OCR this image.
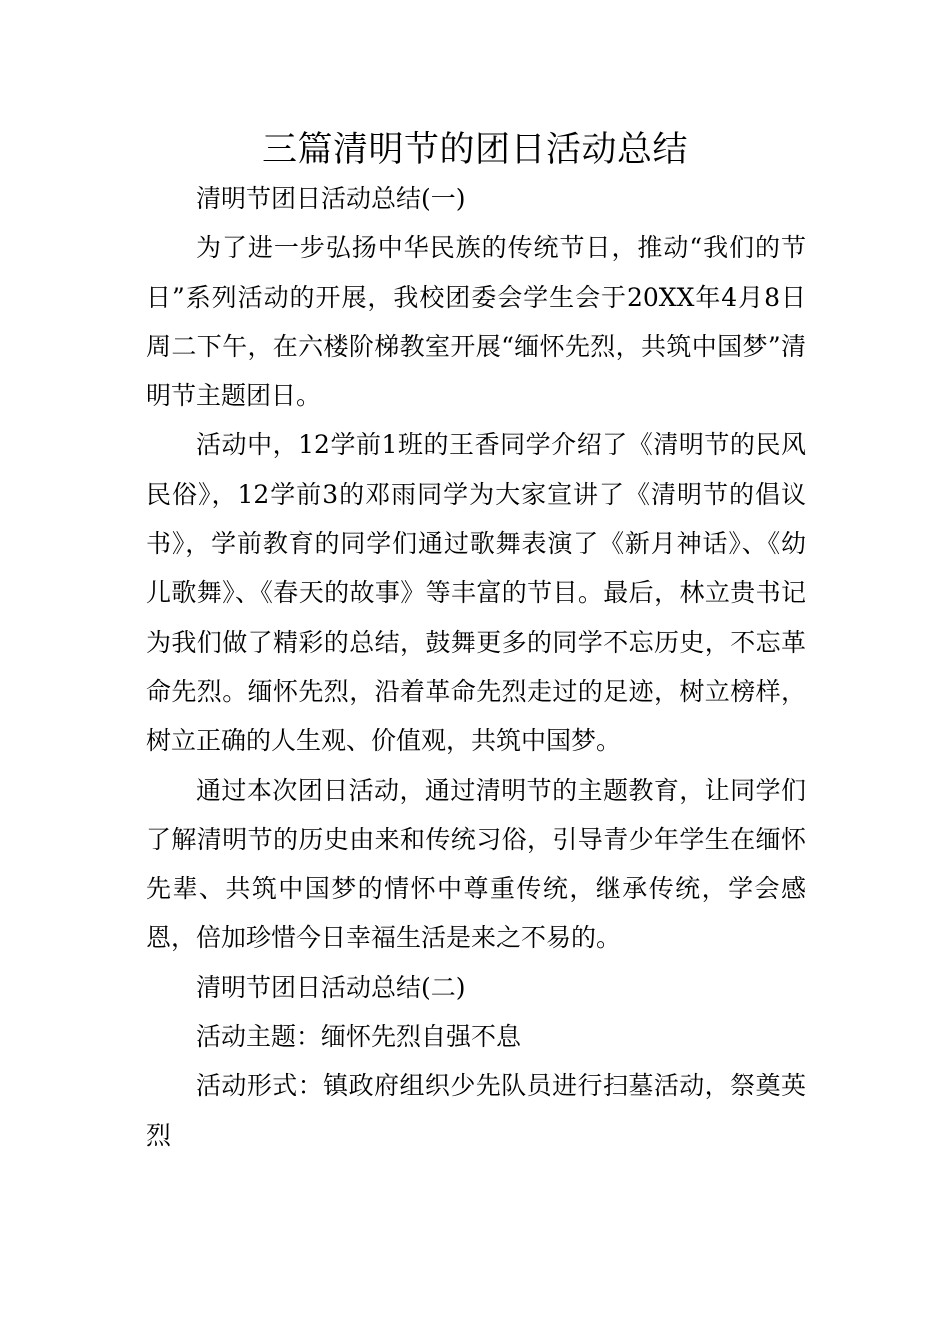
三篇清明节的团日活动总结

清明节团日活动总结(一)

为了进一步弘扬中华民族的传统节日，推动“我们的节日”系列活动的开展，我校团委会学生会于20XX年4月8日周二下午，在六楼阶梯教室开展“缅怀先烈，共筑中国梦”清明节主题团日。

活动中，12学前1班的王香同学介绍了《清明节的民风民俗》，12学前3的邓雨同学为大家宣讲了《清明节的倡议书》，学前教育的同学们通过歌舞表演了《新月神话》、《幼儿歌舞》、《春天的故事》等丰富的节目。最后，林立贵书记为我们做了精彩的总结，鼓舞更多的同学不忘历史，不忘革命先烈。缅怀先烈，沿着革命先烈走过的足迹，树立榜样，树立正确的人生观、价值观，共筑中国梦。

通过本次团日活动，通过清明节的主题教育，让同学们了解清明节的历史由来和传统习俗，引导青少年学生在缅怀先辈、共筑中国梦的情怀中尊重传统，继承传统，学会感恩，倍加珍惜今日幸福生活是来之不易的。

清明节团日活动总结(二)

活动主题：缅怀先烈自强不息

活动形式：镇政府组织少先队员进行扫墓活动，祭奠英烈
